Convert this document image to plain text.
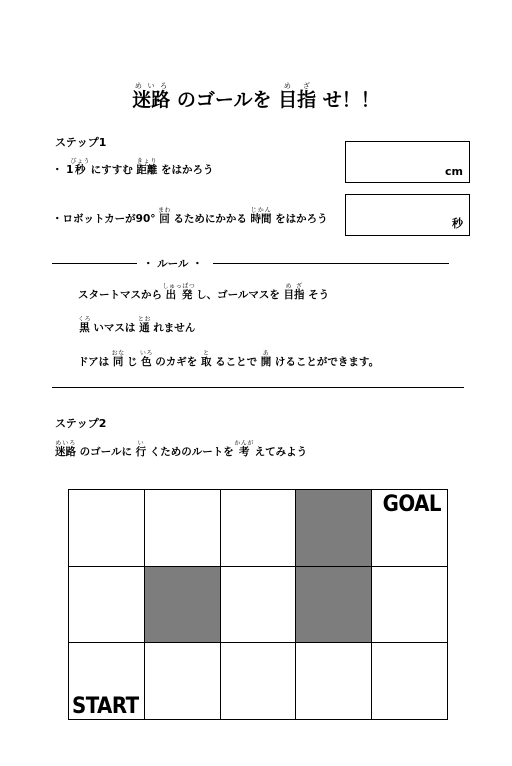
迷路めいろ のゴールを 目指めざ せ！！
ステップ1
・ 1秒びょう にすすむ 距離きょり をはかろう	cm
・ロボットカーが90° 回まわ るためにかかる 時間じかん をはかろう	秒
・ ルール ・
スタートマスから 出発しゅっぱつ し、ゴールマスを 目指めざ そう
黒くろ いマスは 通とお れません
ドアは 同おな じ 色いろ のカギを 取と ることで 開あ けることができます。
ステップ2
迷路めいろ のゴールに 行い くためのルートを 考かんが えてみよう
GOAL
START
